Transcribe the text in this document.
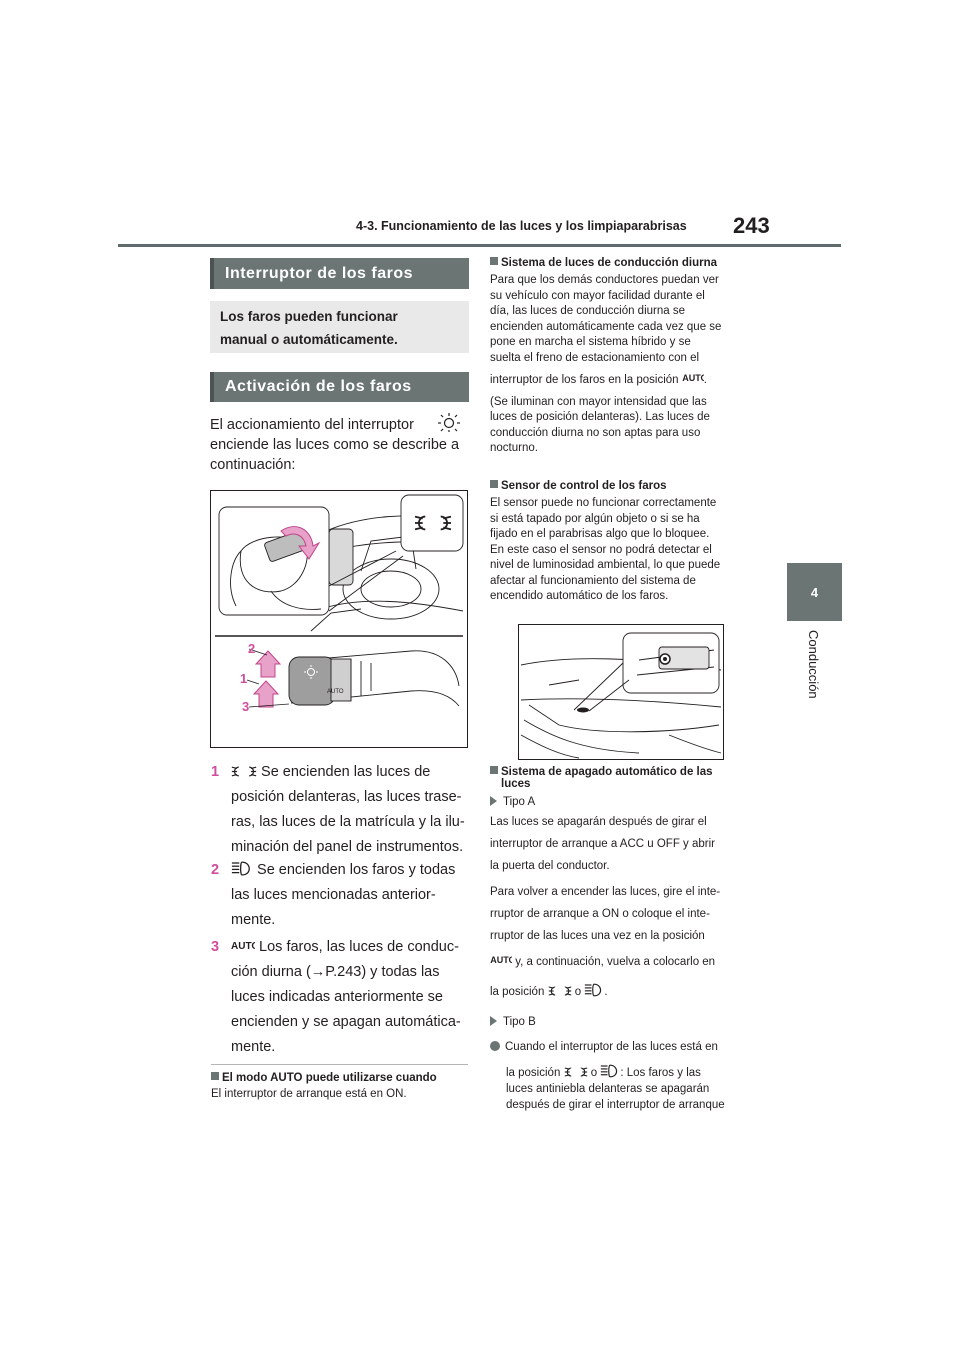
4-3. Funcionamiento de las luces y los limpiaparabrisas 243
4
Conducción
Interruptor de los faros
Los faros pueden funcionar
manual o automáticamente.
Activación de los faros

El accionamiento del interruptor

enciende las luces como se describe a

continuación:

AUTO
2
1
3
1	Se encienden las luces de
posición delanteras, las luces trase-
ras, las luces de la matrícula y la ilu-
minación del panel de instrumentos.
2	Se encienden los faros y todas
las luces mencionadas anterior-
mente.
3	Los faros, las luces de conduc-
ción diurna (→P.243) y todas las
luces indicadas anteriormente se
encienden y se apagan automática-
mente.
El modo AUTO puede utilizarse cuando
El interruptor de arranque está en ON.
Sistema de luces de conducción diurna

Para que los demás conductores puedan ver

su vehículo con mayor facilidad durante el

día, las luces de conducción diurna se

encienden automáticamente cada vez que se

pone en marcha el sistema híbrido y se

suelta el freno de estacionamiento con el

interruptor de los faros en la posición .

(Se iluminan con mayor intensidad que las

luces de posición delanteras). Las luces de

conducción diurna no son aptas para uso

nocturno.

Sensor de control de los faros

El sensor puede no funcionar correctamente

si está tapado por algún objeto o si se ha

fijado en el parabrisas algo que lo bloquee.

En este caso el sensor no podrá detectar el

nivel de luminosidad ambiental, lo que puede

afectar al funcionamiento del sistema de

encendido automático de los faros.

Sistema de apagado automático de las
luces
Tipo A

Las luces se apagarán después de girar el

interruptor de arranque a ACC u OFF y abrir

la puerta del conductor.

Para volver a encender las luces, gire el inte-

rruptor de arranque a ON o coloque el inte-

rruptor de las luces una vez en la posición

y, a continuación, vuelva a colocarlo en

la posición	o .

Tipo B

Cuando el interruptor de las luces está en

la posición	o : Los faros y las

luces antiniebla delanteras se apagarán

después de girar el interruptor de arranque
